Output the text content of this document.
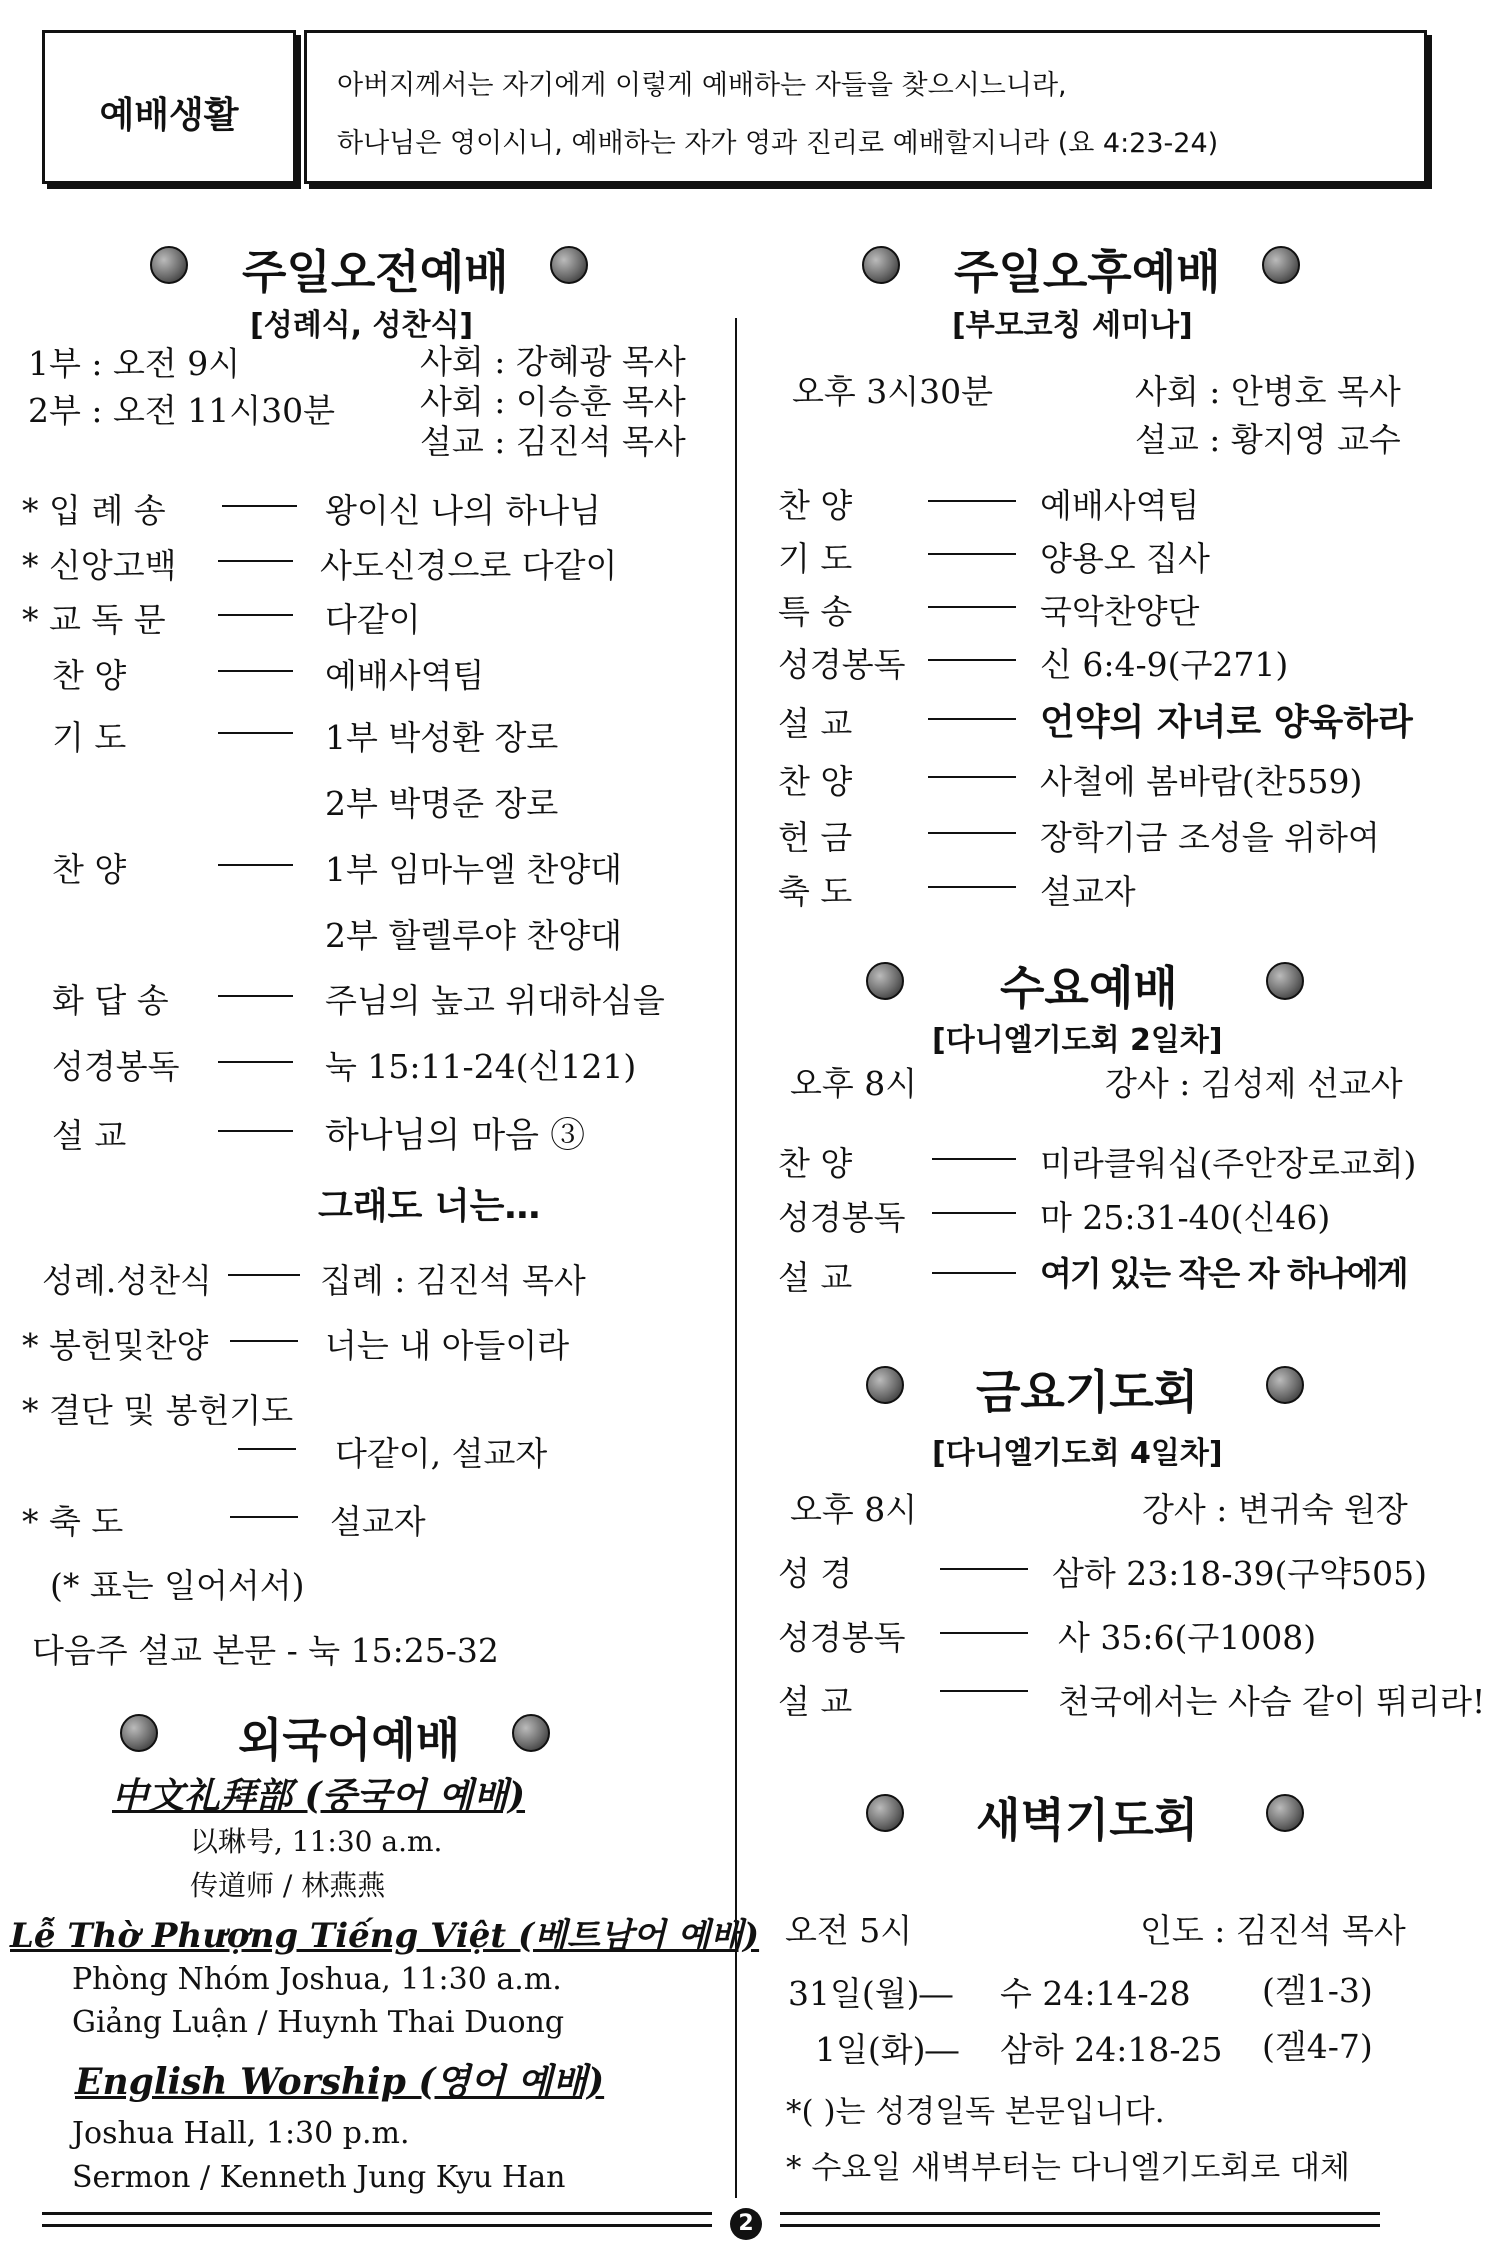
예배생활
아버지께서는 자기에게 이렇게 예배하는 자들을 찾으시느니라,
하나님은 영이시니, 예배하는 자가 영과 진리로 예배할지니라 (요 4:23-24)
주일오전예배
[성례식, 성찬식]
1부 : 오전 9시
2부 : 오전 11시30분
사회 : 강혜광 목사
사회 : 이승훈 목사
설교 : 김진석 목사
* 입 례 송	왕이신 나의 하나님
* 신앙고백	사도신경으로 다같이
* 교 독 문	다같이
찬 양	예배사역팀
기 도	1부 박성환 장로
2부 박명준 장로
찬 양	1부 임마누엘 찬양대
2부 할렐루야 찬양대
화 답 송	주님의 높고 위대하심을
성경봉독	눅 15:11-24(신121)
설 교	하나님의 마음 ③
그래도 너는…
성례.성찬식	집례 : 김진석 목사
* 봉헌및찬양	너는 내 아들이라
* 결단 및 봉헌기도
다같이, 설교자
* 축 도	설교자
(* 표는 일어서서)
다음주 설교 본문 - 눅 15:25-32
외국어예배
中文礼拜部 (중국어 예배)
以琳号, 11:30 a.m.
传道师 / 林燕燕
Lễ Thờ Phượng Tiếng Việt (베트남어 예배)
Phòng Nhóm Joshua, 11:30 a.m.
Giảng Luận / Huynh Thai Duong
English Worship (영어 예배)
Joshua Hall, 1:30 p.m.
Sermon / Kenneth Jung Kyu Han
주일오후예배
[부모코칭 세미나]
오후 3시30분	사회 : 안병호 목사
설교 : 황지영 교수
찬 양	예배사역팀
기 도	양용오 집사
특 송	국악찬양단
성경봉독	신 6:4-9(구271)
설 교	언약의 자녀로 양육하라
찬 양	사철에 봄바람(찬559)
헌 금	장학기금 조성을 위하여
축 도	설교자
수요예배
[다니엘기도회 2일차]
오후 8시	강사 : 김성제 선교사
찬 양	미라클워십(주안장로교회)
성경봉독	마 25:31-40(신46)
설 교	여기 있는 작은 자 하나에게
금요기도회
[다니엘기도회 4일차]
오후 8시	강사 : 변귀숙 원장
성 경	삼하 23:18-39(구약505)
성경봉독	사 35:6(구1008)
설 교	천국에서는 사슴 같이 뛰리라!
새벽기도회
오전 5시	인도 : 김진석 목사
31일(월)― 수 24:14-28 (겔1-3)
1일(화)― 삼하 24:18-25 (겔4-7)
*( )는 성경일독 본문입니다.
* 수요일 새벽부터는 다니엘기도회로 대체
2
